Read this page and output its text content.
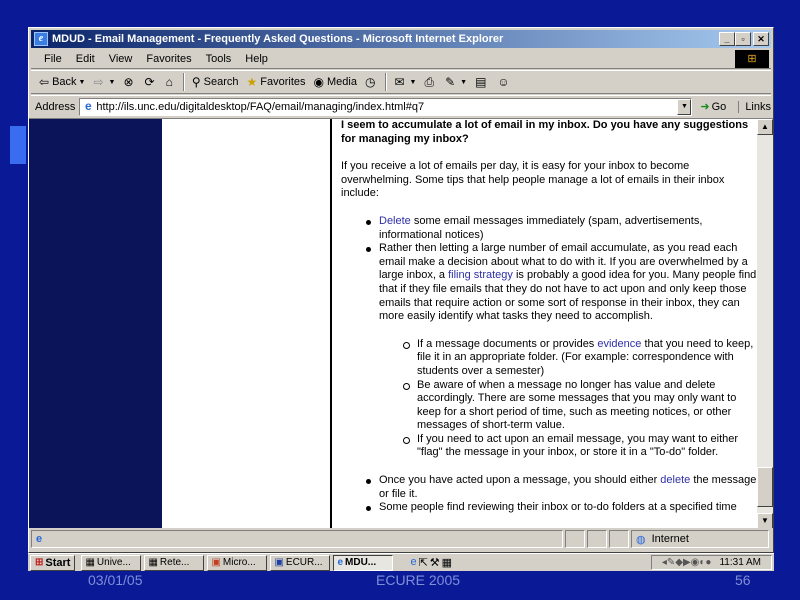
e MDUD - Email Management - Frequently Asked Questions - Microsoft Internet Explorer	_	▫	✕
File	Edit	View	Favorites	Tools	Help	⊞
⇦ Back ▼ ⇨ ▼ ⊗ ⟳ ⌂ ⚲ Search ★ Favorites ◉ Media ◷ ✉ ▼ ⎙ ✎ ▼ ▤ ☺
Address e
http://ils.unc.edu/digitaldesktop/FAQ/email/managing/index.html#q7	▼	➜ Go	Links
I seem to accumulate a lot of email in my inbox. Do you have any suggestions for managing my inbox?

If you receive a lot of emails per day, it is easy for your inbox to become overwhelming. Some tips that help people manage a lot of emails in their inbox include:

Delete some email messages immediately (spam, advertisements, informational notices)
Rather then letting a large number of email accumulate, as you read each email make a decision about what to do with it. If you are overwhelmed by a large inbox, a filing strategy is probably a good idea for you. Many people find that if they file emails that they do not have to act upon and only keep those emails that require action or some sort of response in their inbox, they can more easily identify what tasks they need to accomplish.
If a message documents or provides evidence that you need to keep, file it in an appropriate folder. (For example: correspondence with students over a semester)
Be aware of when a message no longer has value and delete accordingly. There are some messages that you may only want to keep for a short period of time, such as meeting notices, or other messages of short-term value.
If you need to act upon an email message, you may want to either "flag" the message in your inbox, or store it in a "To-do" folder.
Once you have acted upon a message, you should either delete the message or file it.
Some people find reviewing their inbox or to-do folders at a specified time
▲
▼
e	◍ Internet
⊞ Start ▦ Unive... ▦ Rete... ▣ Micro... ▣ ECUR... e MDU...	e ⇱ ⚒ ▦	◂✎◆▶◉◐● 11:31 AM
03/01/05	ECURE 2005	56
